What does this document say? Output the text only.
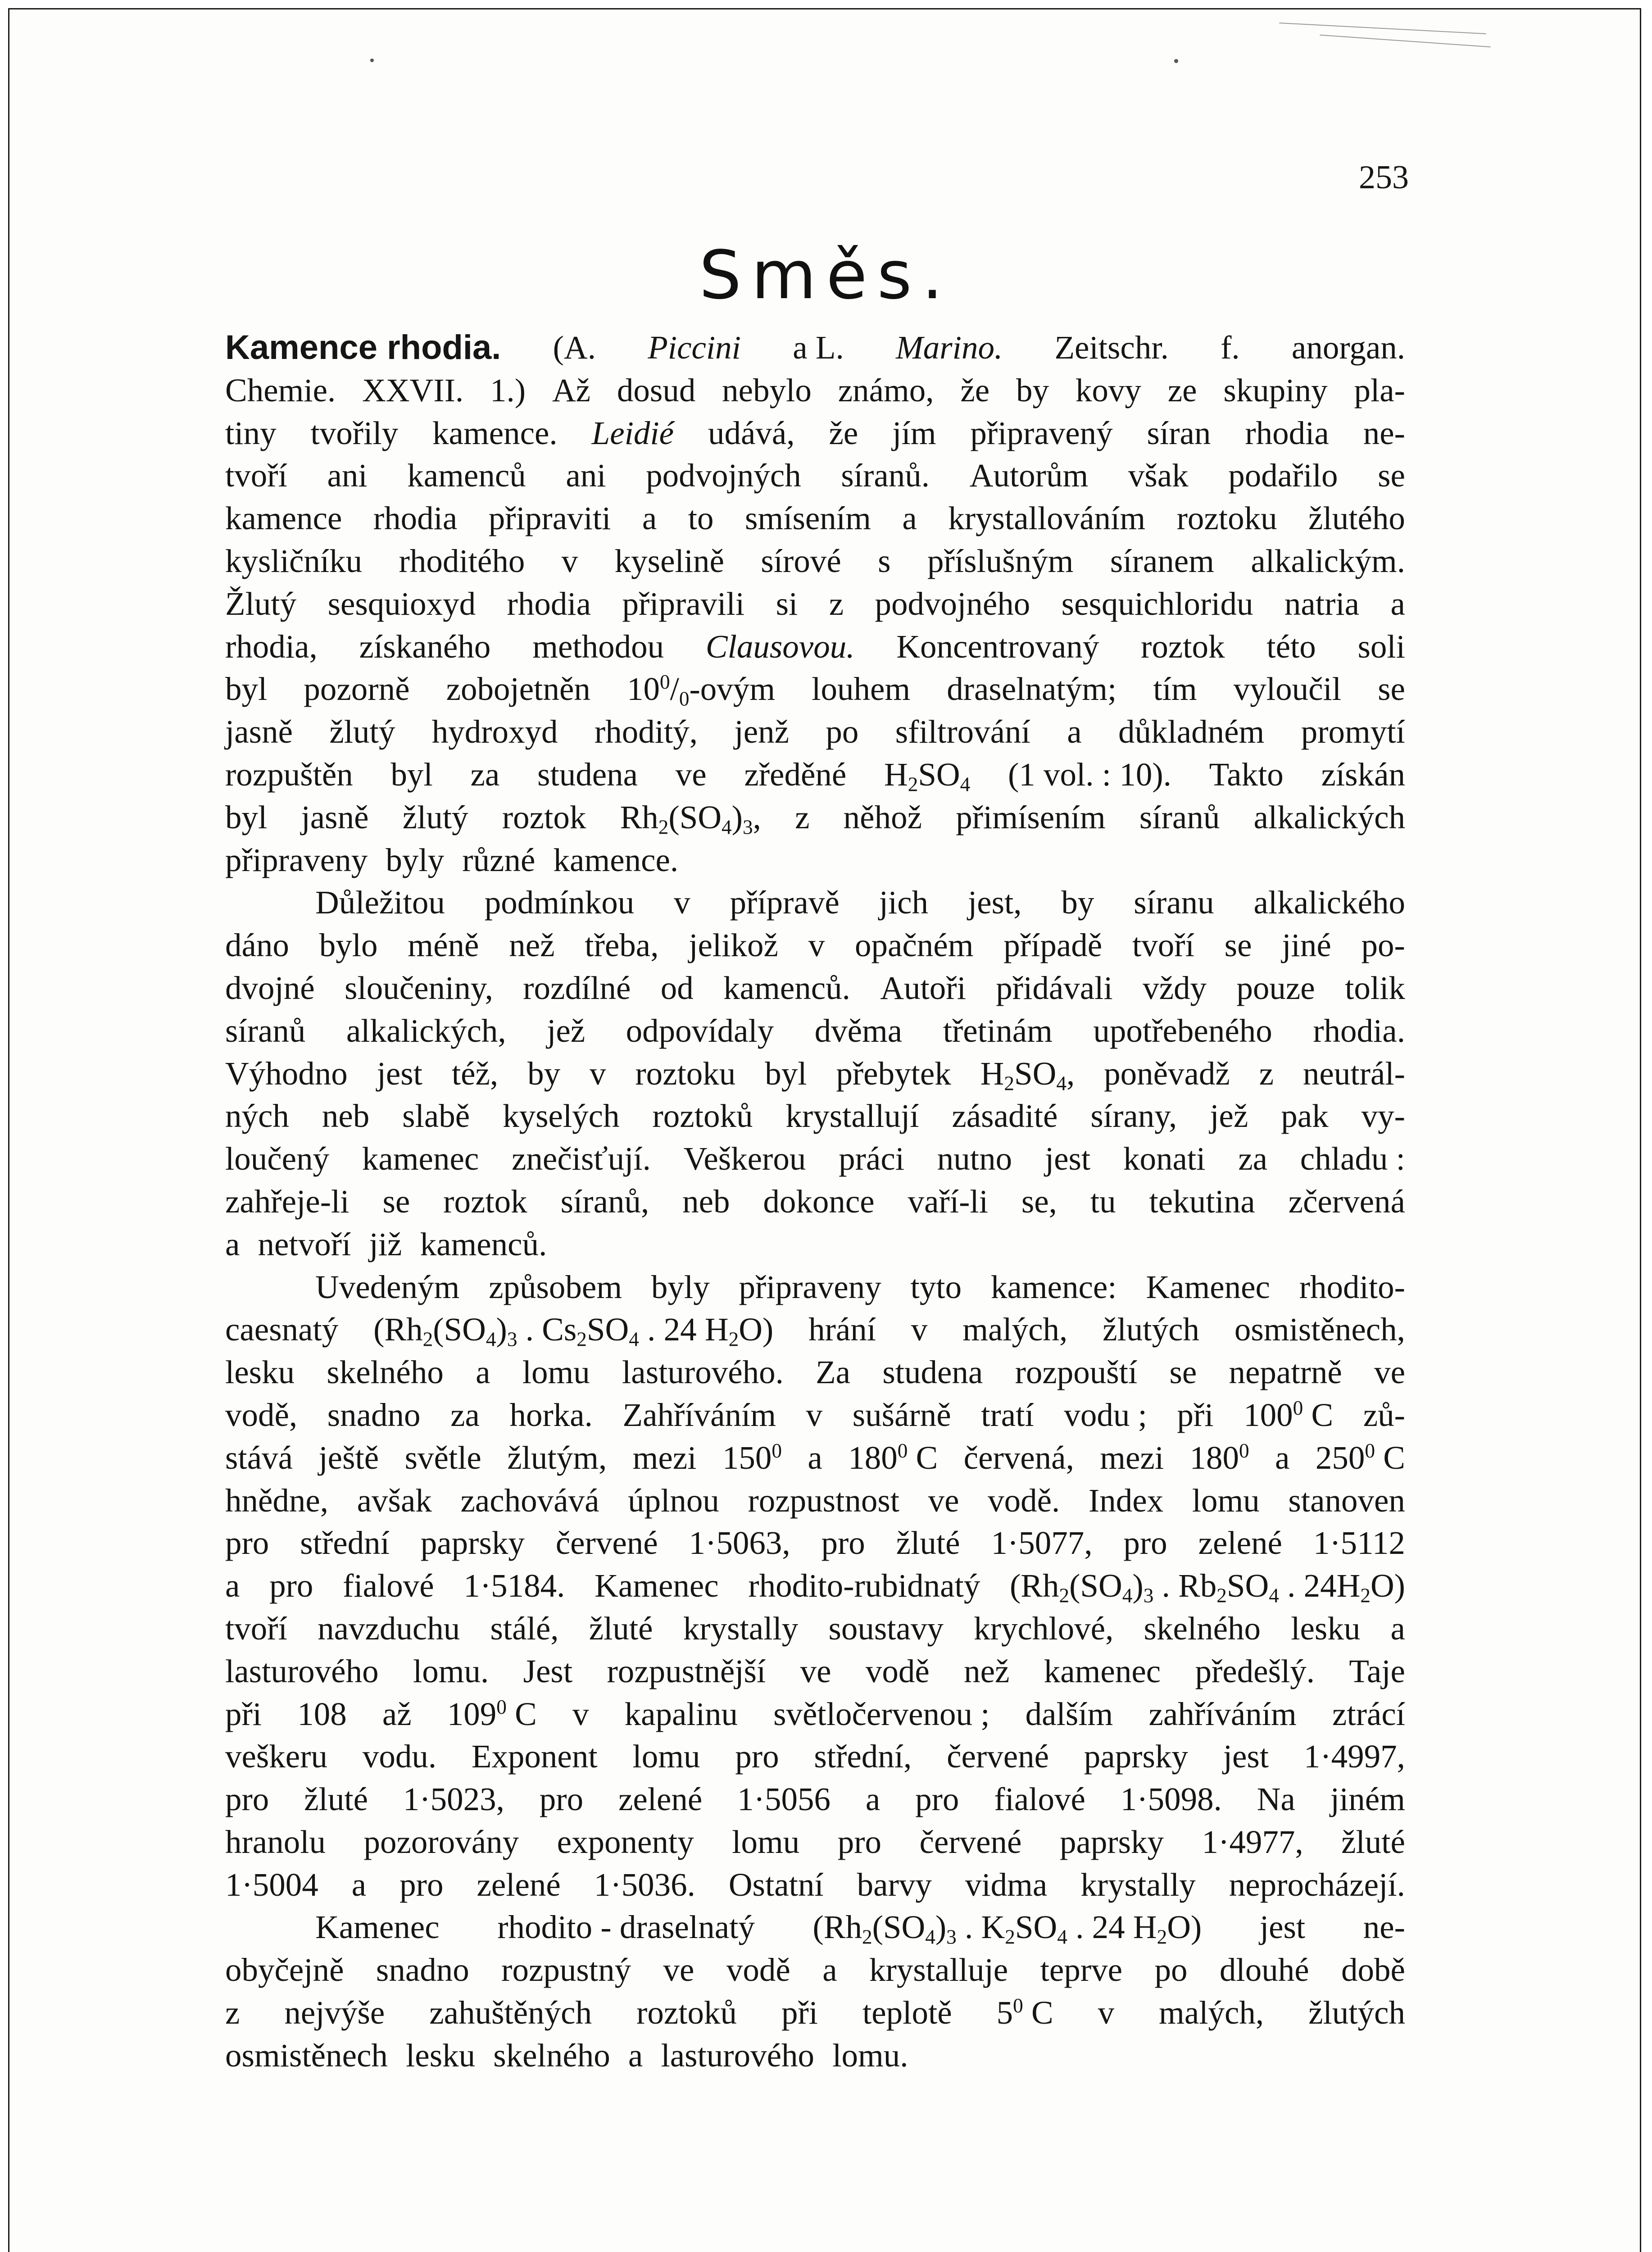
253
Směs.
Kamence rhodia. (A. Piccini a L. Marino. Zeitschr. f. anorgan.
Chemie. XXVII. 1.) Až dosud nebylo známo, že by kovy ze skupiny pla-
tiny tvořily kamence. Leidié udává, že jím připravený síran rhodia ne-
tvoří ani kamenců ani podvojných síranů. Autorům však podařilo se
kamence rhodia připraviti a to smísením a krystallováním roztoku žlutého
kysličníku rhoditého v kyselině sírové s příslušným síranem alkalickým.
Žlutý sesquioxyd rhodia připravili si z podvojného sesquichloridu natria a
rhodia, získaného methodou Clausovou. Koncentrovaný roztok této soli
byl pozorně zobojetněn $10^0/_0$-ovým louhem draselnatým; tím vyloučil se
jasně žlutý hydroxyd rhoditý, jenž po sfiltrování a důkladném promytí
rozpuštěn byl za studena ve zředěné $H_2SO_4$ (1 vol. : 10). Takto získán
byl jasně žlutý roztok $Rh_2(SO_4)_3$, z něhož přimísením síranů alkalických
připraveny byly různé kamence.
Důležitou podmínkou v přípravě jich jest, by síranu alkalického
dáno bylo méně než třeba, jelikož v opačném případě tvoří se jiné po-
dvojné sloučeniny, rozdílné od kamenců. Autoři přidávali vždy pouze tolik
síranů alkalických, jež odpovídaly dvěma třetinám upotřebeného rhodia.
Výhodno jest též, by v roztoku byl přebytek $H_2SO_4$, poněvadž z neutrál-
ných neb slabě kyselých roztoků krystallují zásadité sírany, jež pak vy-
loučený kamenec znečisťují. Veškerou práci nutno jest konati za chladu :
zahřeje-li se roztok síranů, neb dokonce vaří-li se, tu tekutina zčervená
a netvoří již kamenců.
Uvedeným způsobem byly připraveny tyto kamence: Kamenec rhodito-
caesnatý ($Rh_2(SO_4)_3$ . $Cs_2SO_4$ . 24 $H_2O$) hrání v malých, žlutých osmistěnech,
lesku skelného a lomu lasturového. Za studena rozpouští se nepatrně ve
vodě, snadno za horka. Zahříváním v sušárně tratí vodu ; při $100^0$ C zů-
stává ještě světle žlutým, mezi $150^0$ a $180^0$ C červená, mezi $180^0$ a $250^0$ C
hnědne, avšak zachovává úplnou rozpustnost ve vodě. Index lomu stanoven
pro střední paprsky červené 1·5063, pro žluté 1·5077, pro zelené 1·5112
a pro fialové 1·5184. Kamenec rhodito-rubidnatý ($Rh_2(SO_4)_3$ . $Rb_2SO_4$ . $24H_2O$)
tvoří navzduchu stálé, žluté krystally soustavy krychlové, skelného lesku a
lasturového lomu. Jest rozpustnější ve vodě než kamenec předešlý. Taje
při 108 až $109^0$ C v kapalinu světločervenou ; dalším zahříváním ztrácí
veškeru vodu. Exponent lomu pro střední, červené paprsky jest 1·4997,
pro žluté 1·5023, pro zelené 1·5056 a pro fialové 1·5098. Na jiném
hranolu pozorovány exponenty lomu pro červené paprsky 1·4977, žluté
1·5004 a pro zelené 1·5036. Ostatní barvy vidma krystally neprocházejí.
Kamenec rhodito - draselnatý ($Rh_2(SO_4)_3$ . $K_2SO_4$ . 24 $H_2O$) jest ne-
obyčejně snadno rozpustný ve vodě a krystalluje teprve po dlouhé době
z nejvýše zahuštěných roztoků při teplotě $5^0$ C v malých, žlutých
osmistěnech lesku skelného a lasturového lomu.
